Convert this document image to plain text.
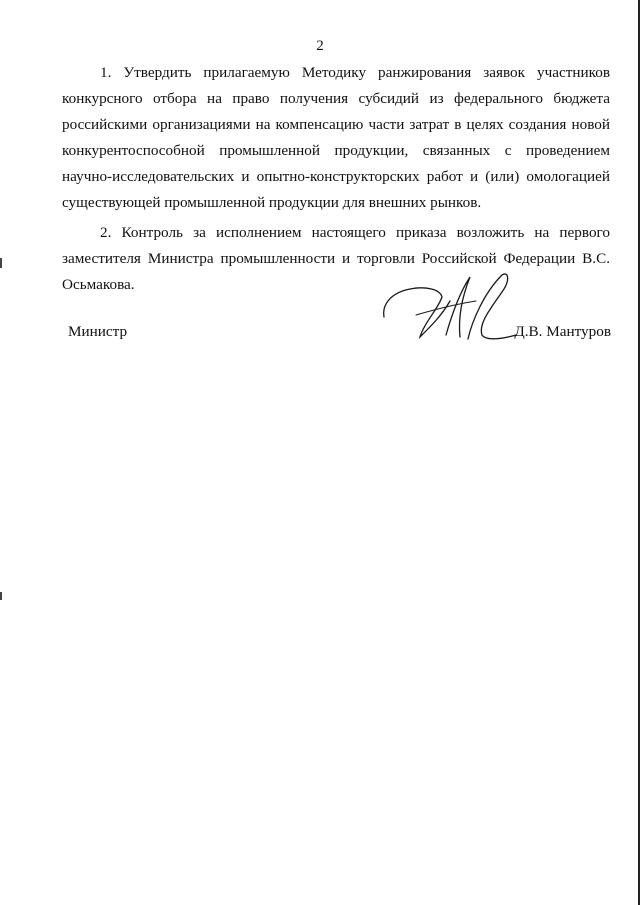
2

1. Утвердить прилагаемую Методику ранжирования заявок участников конкурсного отбора на право получения субсидий из федерального бюджета российскими организациями на компенсацию части затрат в целях создания новой конкурентоспособной промышленной продукции, связанных с проведением научно-исследовательских и опытно-конструкторских работ и (или) омологацией существующей промышленной продукции для внешних рынков.

2. Контроль за исполнением настоящего приказа возложить на первого заместителя Министра промышленности и торговли Российской Федерации В.С. Осьмакова.

Министр	Д.В. Мантуров
